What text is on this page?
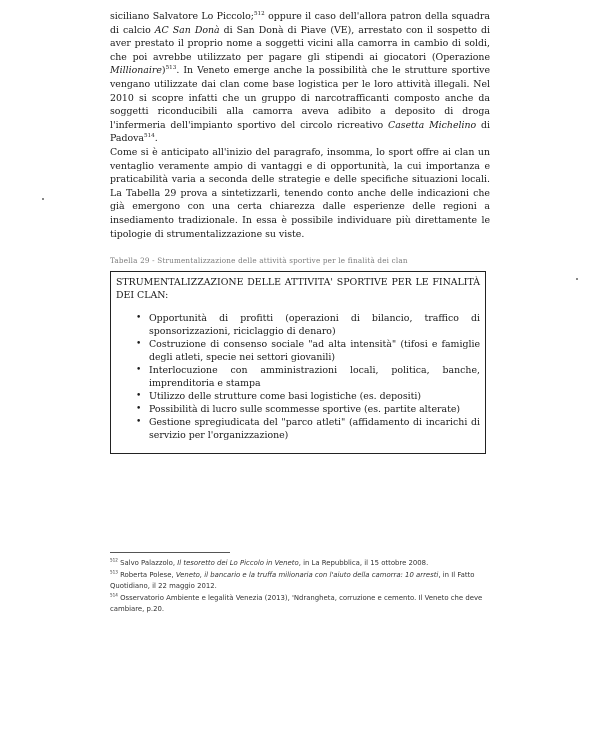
siciliano Salvatore Lo Piccolo;$^{512}$ oppure il caso dell'allora patron della squadra di calcio AC San Donà di San Donà di Piave (VE), arrestato con il sospetto di aver prestato il proprio nome a soggetti vicini alla camorra in cambio di soldi, che poi avrebbe utilizzato per pagare gli stipendi ai giocatori (Operazione Millionaire)$^{513}$. In Veneto emerge anche la possibilità che le strutture sportive vengano utilizzate dai clan come base logistica per le loro attività illegali. Nel 2010 si scopre infatti che un gruppo di narcotrafficanti composto anche da soggetti riconducibili alla camorra aveva adibito a deposito di droga l'infermeria dell'impianto sportivo del circolo ricreativo Casetta Michelino di Padova$^{514}$.

Come si è anticipato all'inizio del paragrafo, insomma, lo sport offre ai clan un ventaglio veramente ampio di vantaggi e di opportunità, la cui importanza e praticabilità varia a seconda delle strategie e delle specifiche situazioni locali. La Tabella 29 prova a sintetizzarli, tenendo conto anche delle indicazioni che già emergono con una certa chiarezza dalle esperienze delle regioni a insediamento tradizionale. In essa è possibile individuare più direttamente le tipologie di strumentalizzazione su viste.

Tabella 29 - Strumentalizzazione delle attività sportive per le finalità dei clan

STRUMENTALIZZAZIONE DELLE ATTIVITA' SPORTIVE PER LE FINALITÀ DEI CLAN:

• Opportunità di profitti (operazioni di bilancio, traffico di sponsorizzazioni, riciclaggio di denaro)
• Costruzione di consenso sociale "ad alta intensità" (tifosi e famiglie degli atleti, specie nei settori giovanili)
• Interlocuzione con amministrazioni locali, politica, banche, imprenditoria e stampa
• Utilizzo delle strutture come basi logistiche (es. depositi)
• Possibilità di lucro sulle scommesse sportive (es. partite alterate)
• Gestione spregiudicata del "parco atleti" (affidamento di incarichi di servizio per l'organizzazione)

$^{512}$ Salvo Palazzolo, Il tesoretto dei Lo Piccolo in Veneto, in La Repubblica, il 15 ottobre 2008.

$^{513}$ Roberta Polese, Veneto, il bancario e la truffa milionaria con l'aiuto della camorra: 10 arresti, in Il Fatto Quotidiano, il 22 maggio 2012.

$^{514}$ Osservatorio Ambiente e legalità Venezia (2013), 'Ndrangheta, corruzione e cemento. Il Veneto che deve cambiare, p.20.
